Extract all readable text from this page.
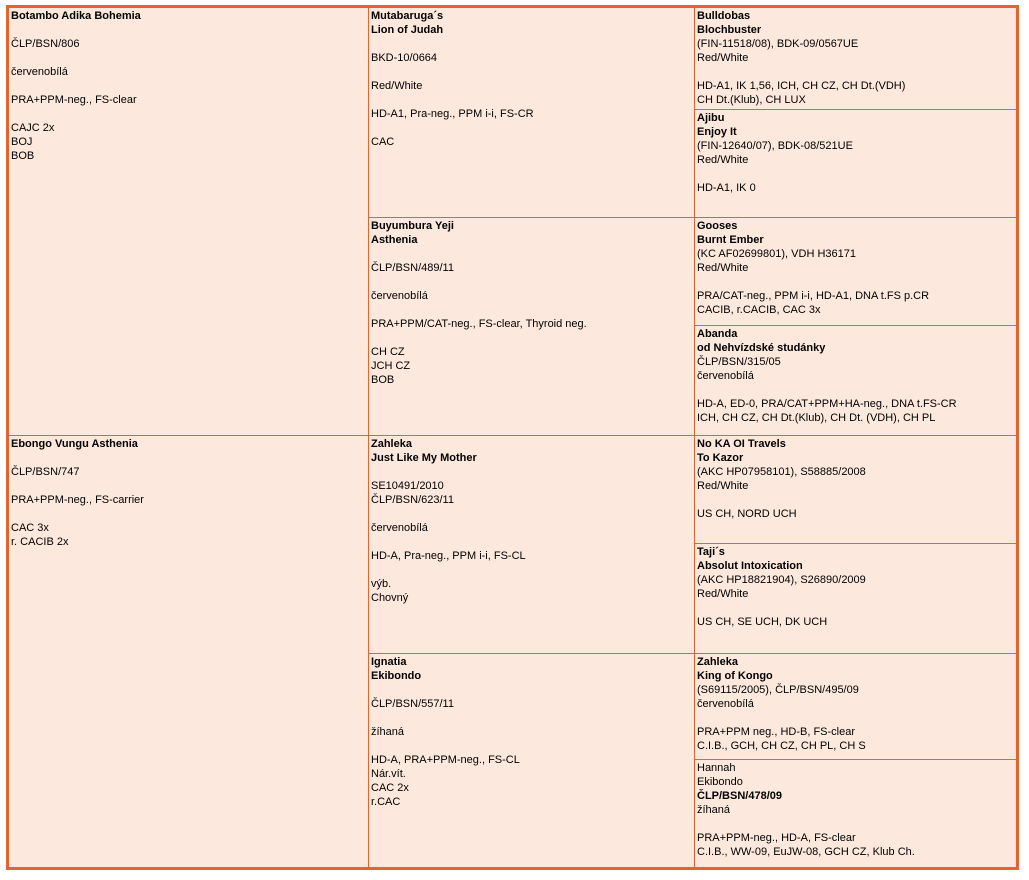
Botambo Adika Bohemia
ČLP/BSN/806
červenobílá
PRA+PPM-neg., FS-clear
CAJC 2x
BOJ
BOB
Ebongo Vungu Asthenia
ČLP/BSN/747
PRA+PPM-neg., FS-carrier
CAC 3x
r. CACIB 2x
Mutabaruga´s
Lion of Judah
BKD-10/0664
Red/White
HD-A1, Pra-neg., PPM i-i, FS-CR
CAC
Buyumbura Yeji
Asthenia
ČLP/BSN/489/11
červenobílá
PRA+PPM/CAT-neg., FS-clear, Thyroid neg.
CH CZ
JCH CZ
BOB
Zahleka
Just Like My Mother
SE10491/2010
ČLP/BSN/623/11
červenobílá
HD-A, Pra-neg., PPM i-i, FS-CL
výb.
Chovný
Ignatia
Ekibondo
ČLP/BSN/557/11
žíhaná
HD-A, PRA+PPM-neg., FS-CL
Nár.vít.
CAC 2x
r.CAC
Bulldobas
Blochbuster
(FIN-11518/08), BDK-09/0567UE
Red/White
HD-A1, IK 1,56, ICH, CH CZ, CH Dt.(VDH)
CH Dt.(Klub), CH LUX
Ajibu
Enjoy It
(FIN-12640/07), BDK-08/521UE
Red/White
HD-A1, IK 0
Gooses
Burnt Ember
(KC AF02699801), VDH H36171
Red/White
PRA/CAT-neg., PPM i-i, HD-A1, DNA t.FS p.CR
CACIB, r.CACIB, CAC 3x
Abanda
od Nehvízdské studánky
ČLP/BSN/315/05
červenobílá
HD-A, ED-0, PRA/CAT+PPM+HA-neg., DNA t.FS-CR
ICH, CH CZ, CH Dt.(Klub), CH Dt. (VDH), CH PL
No KA OI Travels
To Kazor
(AKC HP07958101), S58885/2008
Red/White
US CH, NORD UCH
Taji´s
Absolut Intoxication
(AKC HP18821904), S26890/2009
Red/White
US CH, SE UCH, DK UCH
Zahleka
King of Kongo
(S69115/2005), ČLP/BSN/495/09
červenobílá
PRA+PPM neg., HD-B, FS-clear
C.I.B., GCH, CH CZ, CH PL, CH S
Hannah
Ekibondo
ČLP/BSN/478/09
žíhaná
PRA+PPM-neg., HD-A, FS-clear
C.I.B., WW-09, EuJW-08, GCH CZ, Klub Ch.
